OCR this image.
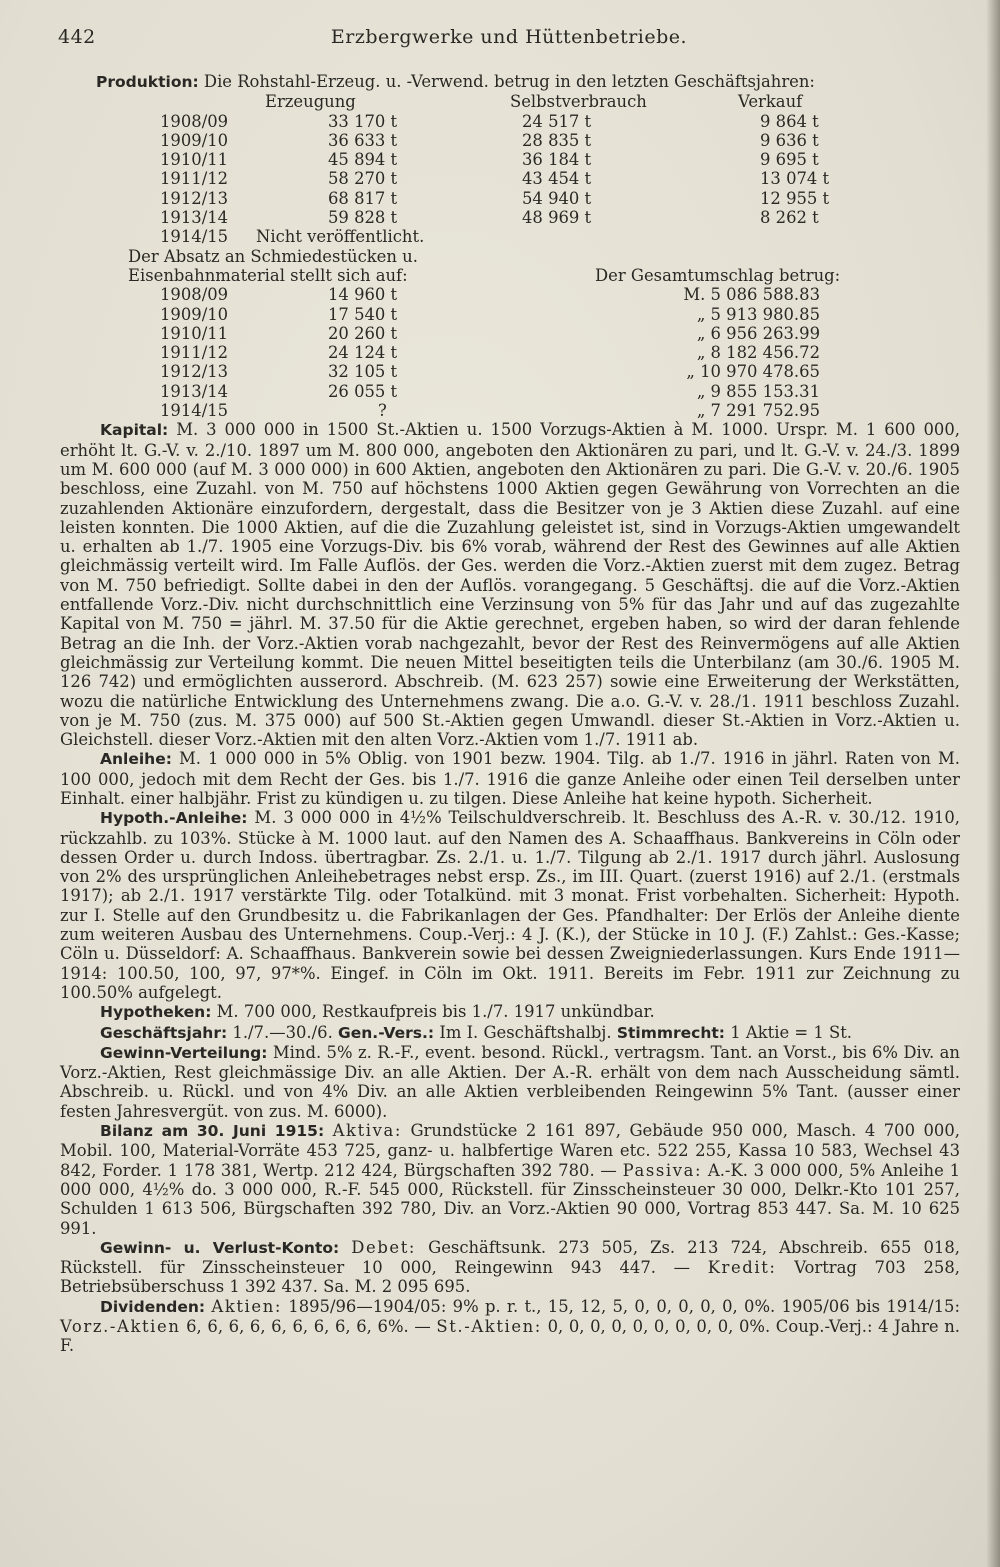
442	Erzbergwerke und Hüttenbetriebe.
Produktion: Die Rohstahl-Erzeug. u. -Verwend. betrug in den letzten Geschäftsjahren:
Erzeugung	Selbstverbrauch	Verkauf
1908/09	33 170 t	24 517 t	9 864 t
1909/10	36 633 t	28 835 t	9 636 t
1910/11	45 894 t	36 184 t	9 695 t
1911/12	58 270 t	43 454 t	13 074 t
1912/13	68 817 t	54 940 t	12 955 t
1913/14	59 828 t	48 969 t	8 262 t
1914/15 Nicht veröffentlicht.
Der Absatz an Schmiedestücken u.
Eisenbahnmaterial stellt sich auf:	Der Gesamtumschlag betrug:
1908/09	14 960 t	M. 5 086 588.83
1909/10	17 540 t	„ 5 913 980.85
1910/11	20 260 t	„ 6 956 263.99
1911/12	24 124 t	„ 8 182 456.72
1912/13	32 105 t	„ 10 970 478.65
1913/14	26 055 t	„ 9 855 153.31
1914/15	?	„ 7 291 752.95

Kapital: M. 3 000 000 in 1500 St.-Aktien u. 1500 Vorzugs-Aktien à M. 1000. Urspr. M. 1 600 000, erhöht lt. G.-V. v. 2./10. 1897 um M. 800 000, angeboten den Aktionären zu pari, und lt. G.-V. v. 24./3. 1899 um M. 600 000 (auf M. 3 000 000) in 600 Aktien, angeboten den Aktionären zu pari. Die G.-V. v. 20./6. 1905 beschloss, eine Zuzahl. von M. 750 auf höchstens 1000 Aktien gegen Gewährung von Vorrechten an die zuzahlenden Aktionäre einzufordern, dergestalt, dass die Besitzer von je 3 Aktien diese Zuzahl. auf eine leisten konnten. Die 1000 Aktien, auf die die Zuzahlung geleistet ist, sind in Vorzugs-Aktien umgewandelt u. erhalten ab 1./7. 1905 eine Vorzugs-Div. bis 6% vorab, während der Rest des Gewinnes auf alle Aktien gleichmässig verteilt wird. Im Falle Auflös. der Ges. werden die Vorz.-Aktien zuerst mit dem zugez. Betrag von M. 750 befriedigt. Sollte dabei in den der Auflös. vorangegang. 5 Geschäftsj. die auf die Vorz.-Aktien entfallende Vorz.-Div. nicht durchschnittlich eine Verzinsung von 5% für das Jahr und auf das zugezahlte Kapital von M. 750 = jährl. M. 37.50 für die Aktie gerechnet, ergeben haben, so wird der daran fehlende Betrag an die Inh. der Vorz.-Aktien vorab nachgezahlt, bevor der Rest des Reinvermögens auf alle Aktien gleichmässig zur Verteilung kommt. Die neuen Mittel beseitigten teils die Unterbilanz (am 30./6. 1905 M. 126 742) und ermöglichten ausserord. Abschreib. (M. 623 257) sowie eine Erweiterung der Werkstätten, wozu die natürliche Entwicklung des Unternehmens zwang. Die a.o. G.-V. v. 28./1. 1911 beschloss Zuzahl. von je M. 750 (zus. M. 375 000) auf 500 St.-Aktien gegen Umwandl. dieser St.-Aktien in Vorz.-Aktien u. Gleichstell. dieser Vorz.-Aktien mit den alten Vorz.-Aktien vom 1./7. 1911 ab.

Anleihe: M. 1 000 000 in 5% Oblig. von 1901 bezw. 1904. Tilg. ab 1./7. 1916 in jährl. Raten von M. 100 000, jedoch mit dem Recht der Ges. bis 1./7. 1916 die ganze Anleihe oder einen Teil derselben unter Einhalt. einer halbjähr. Frist zu kündigen u. zu tilgen. Diese Anleihe hat keine hypoth. Sicherheit.

Hypoth.-Anleihe: M. 3 000 000 in 4½% Teilschuldverschreib. lt. Beschluss des A.-R. v. 30./12. 1910, rückzahlb. zu 103%. Stücke à M. 1000 laut. auf den Namen des A. Schaaffhaus. Bankvereins in Cöln oder dessen Order u. durch Indoss. übertragbar. Zs. 2./1. u. 1./7. Tilgung ab 2./1. 1917 durch jährl. Auslosung von 2% des ursprünglichen Anleihebetrages nebst ersp. Zs., im III. Quart. (zuerst 1916) auf 2./1. (erstmals 1917); ab 2./1. 1917 verstärkte Tilg. oder Totalkünd. mit 3 monat. Frist vorbehalten. Sicherheit: Hypoth. zur I. Stelle auf den Grundbesitz u. die Fabrikanlagen der Ges. Pfandhalter: Der Erlös der Anleihe diente zum weiteren Ausbau des Unternehmens. Coup.-Verj.: 4 J. (K.), der Stücke in 10 J. (F.) Zahlst.: Ges.-Kasse; Cöln u. Düsseldorf: A. Schaaffhaus. Bankverein sowie bei dessen Zweigniederlassungen. Kurs Ende 1911—1914: 100.50, 100, 97, 97*%. Eingef. in Cöln im Okt. 1911. Bereits im Febr. 1911 zur Zeichnung zu 100.50% aufgelegt.

Hypotheken: M. 700 000, Restkaufpreis bis 1./7. 1917 unkündbar.

Geschäftsjahr: 1./7.—30./6. Gen.-Vers.: Im I. Geschäftshalbj. Stimmrecht: 1 Aktie = 1 St.

Gewinn-Verteilung: Mind. 5% z. R.-F., event. besond. Rückl., vertragsm. Tant. an Vorst., bis 6% Div. an Vorz.-Aktien, Rest gleichmässige Div. an alle Aktien. Der A.-R. erhält von dem nach Ausscheidung sämtl. Abschreib. u. Rückl. und von 4% Div. an alle Aktien verbleibenden Reingewinn 5% Tant. (ausser einer festen Jahresvergüt. von zus. M. 6000).

Bilanz am 30. Juni 1915: Aktiva: Grundstücke 2 161 897, Gebäude 950 000, Masch. 4 700 000, Mobil. 100, Material-Vorräte 453 725, ganz- u. halbfertige Waren etc. 522 255, Kassa 10 583, Wechsel 43 842, Forder. 1 178 381, Wertp. 212 424, Bürgschaften 392 780. — Passiva: A.-K. 3 000 000, 5% Anleihe 1 000 000, 4½% do. 3 000 000, R.-F. 545 000, Rückstell. für Zinsscheinsteuer 30 000, Delkr.-Kto 101 257, Schulden 1 613 506, Bürgschaften 392 780, Div. an Vorz.-Aktien 90 000, Vortrag 853 447. Sa. M. 10 625 991.

Gewinn- u. Verlust-Konto: Debet: Geschäftsunk. 273 505, Zs. 213 724, Abschreib. 655 018, Rückstell. für Zinsscheinsteuer 10 000, Reingewinn 943 447. — Kredit: Vortrag 703 258, Betriebsüberschuss 1 392 437. Sa. M. 2 095 695.

Dividenden: Aktien: 1895/96—1904/05: 9% p. r. t., 15, 12, 5, 0, 0, 0, 0, 0, 0%. 1905/06 bis 1914/15: Vorz.-Aktien 6, 6, 6, 6, 6, 6, 6, 6, 6, 6%. — St.-Aktien: 0, 0, 0, 0, 0, 0, 0, 0, 0, 0%. Coup.-Verj.: 4 Jahre n. F.
